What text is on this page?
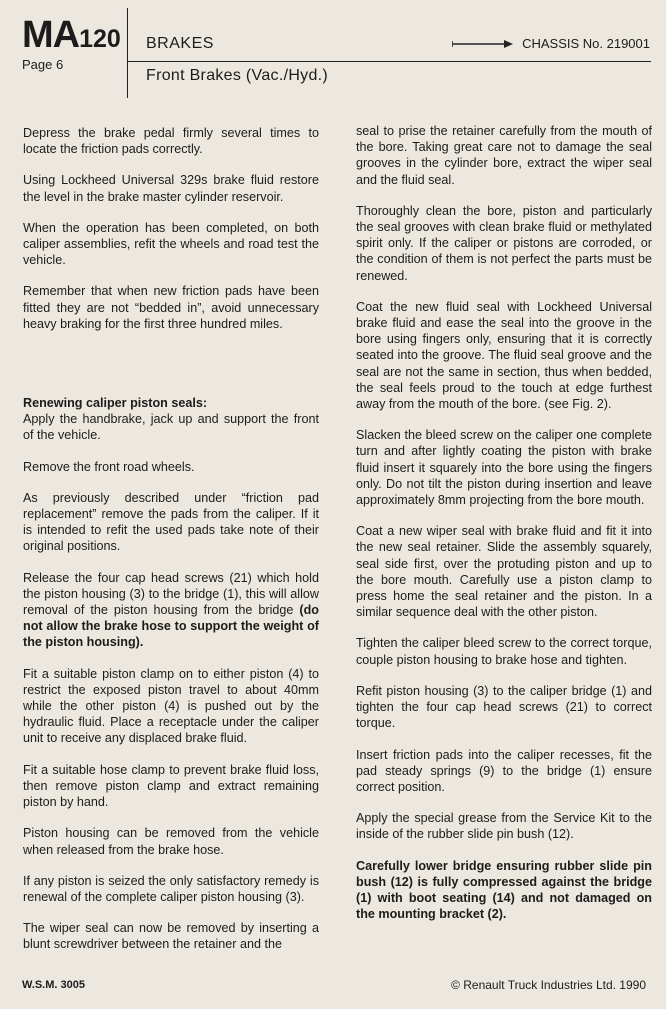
MA120
Page 6
BRAKES
Front Brakes (Vac./Hyd.)
CHASSIS No. 219001

Depress the brake pedal firmly several times to locate the friction pads correctly.

Using Lockheed Universal 329s brake fluid restore the level in the brake master cylinder reservoir.

When the operation has been completed, on both caliper assemblies, refit the wheels and road test the vehicle.

Remember that when new friction pads have been fitted they are not “bedded in”, avoid unnecessary heavy braking for the first three hundred miles.

Renewing caliper piston seals:

Apply the handbrake, jack up and support the front of the vehicle.

Remove the front road wheels.

As previously described under “friction pad replacement” remove the pads from the caliper. If it is intended to refit the used pads take note of their original positions.

Release the four cap head screws (21) which hold the piston housing (3) to the bridge (1), this will allow removal of the piston housing from the bridge (do not allow the brake hose to support the weight of the piston housing).

Fit a suitable piston clamp on to either piston (4) to restrict the exposed piston travel to about 40mm while the other piston (4) is pushed out by the hydraulic fluid. Place a receptacle under the caliper unit to receive any displaced brake fluid.

Fit a suitable hose clamp to prevent brake fluid loss, then remove piston clamp and extract remaining piston by hand.

Piston housing can be removed from the vehicle when released from the brake hose.

If any piston is seized the only satisfactory remedy is renewal of the complete caliper piston housing (3).

The wiper seal can now be removed by inserting a blunt screwdriver between the retainer and the

seal to prise the retainer carefully from the mouth of the bore. Taking great care not to damage the seal grooves in the cylinder bore, extract the wiper seal and the fluid seal.

Thoroughly clean the bore, piston and particularly the seal grooves with clean brake fluid or methylated spirit only. If the caliper or pistons are corroded, or the condition of them is not perfect the parts must be renewed.

Coat the new fluid seal with Lockheed Universal brake fluid and ease the seal into the groove in the bore using fingers only, ensuring that it is correctly seated into the groove. The fluid seal groove and the seal are not the same in section, thus when bedded, the seal feels proud to the touch at edge furthest away from the mouth of the bore. (see Fig. 2).

Slacken the bleed screw on the caliper one complete turn and after lightly coating the piston with brake fluid insert it squarely into the bore using the fingers only. Do not tilt the piston during insertion and leave approximately 8mm projecting from the bore mouth.

Coat a new wiper seal with brake fluid and fit it into the new seal retainer. Slide the assembly squarely, seal side first, over the protuding piston and up to the bore mouth. Carefully use a piston clamp to press home the seal retainer and the piston. In a similar sequence deal with the other piston.

Tighten the caliper bleed screw to the correct torque, couple piston housing to brake hose and tighten.

Refit piston housing (3) to the caliper bridge (1) and tighten the four cap head screws (21) to correct torque.

Insert friction pads into the caliper recesses, fit the pad steady springs (9) to the bridge (1) ensure correct position.

Apply the special grease from the Service Kit to the inside of the rubber slide pin bush (12).

Carefully lower bridge ensuring rubber slide pin bush (12) is fully compressed against the bridge (1) with boot seating (14) and not damaged on the mounting bracket (2).

W.S.M. 3005	© Renault Truck Industries Ltd. 1990
